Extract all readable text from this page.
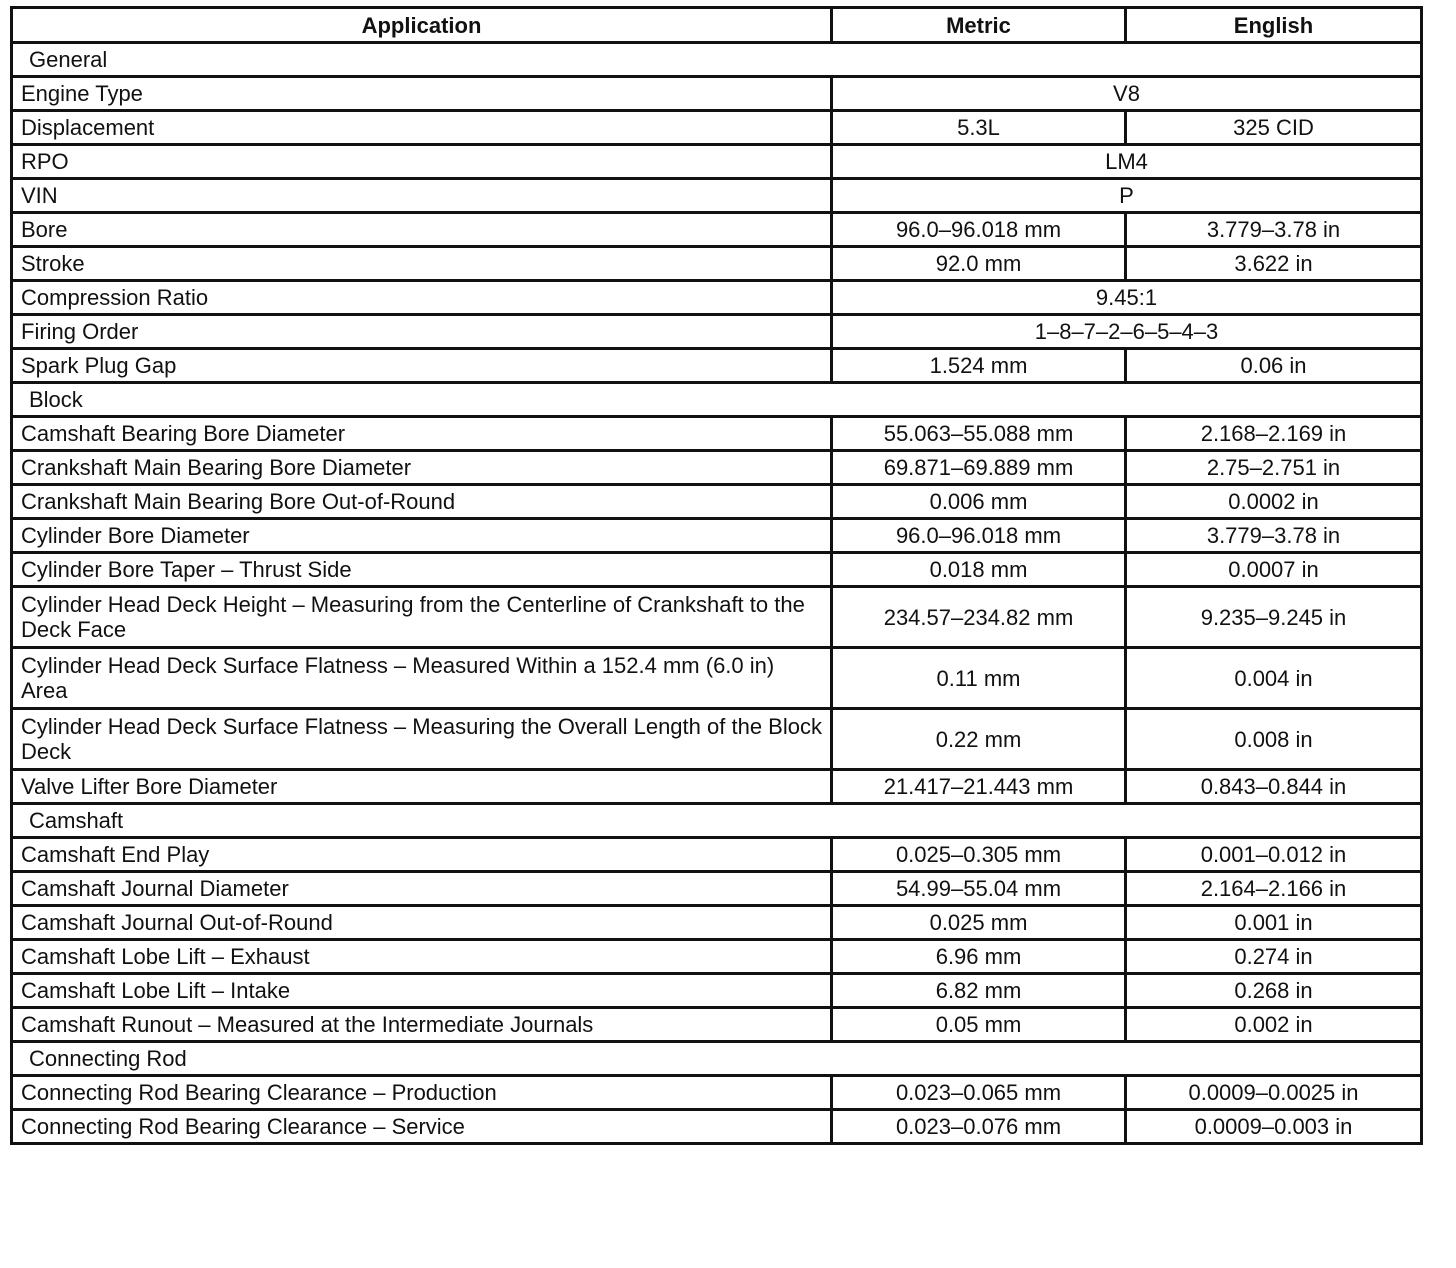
Application	Metric	English
General		
Engine Type	V8	
Displacement	5.3L	325 CID
RPO	LM4	
VIN	P	
Bore	96.0–96.018 mm	3.779–3.78 in
Stroke	92.0 mm	3.622 in
Compression Ratio	9.45:1	
Firing Order	1–8–7–2–6–5–4–3	
Spark Plug Gap	1.524 mm	0.06 in
Block		
Camshaft Bearing Bore Diameter	55.063–55.088 mm	2.168–2.169 in
Crankshaft Main Bearing Bore Diameter	69.871–69.889 mm	2.75–2.751 in
Crankshaft Main Bearing Bore Out-of-Round	0.006 mm	0.0002 in
Cylinder Bore Diameter	96.0–96.018 mm	3.779–3.78 in
Cylinder Bore Taper – Thrust Side	0.018 mm	0.0007 in
Cylinder Head Deck Height – Measuring from the Centerline of Crankshaft to the Deck Face	234.57–234.82 mm	9.235–9.245 in
Cylinder Head Deck Surface Flatness – Measured Within a 152.4 mm (6.0 in) Area	0.11 mm	0.004 in
Cylinder Head Deck Surface Flatness – Measuring the Overall Length of the Block Deck	0.22 mm	0.008 in
Valve Lifter Bore Diameter	21.417–21.443 mm	0.843–0.844 in
Camshaft		
Camshaft End Play	0.025–0.305 mm	0.001–0.012 in
Camshaft Journal Diameter	54.99–55.04 mm	2.164–2.166 in
Camshaft Journal Out-of-Round	0.025 mm	0.001 in
Camshaft Lobe Lift – Exhaust	6.96 mm	0.274 in
Camshaft Lobe Lift – Intake	6.82 mm	0.268 in
Camshaft Runout – Measured at the Intermediate Journals	0.05 mm	0.002 in
Connecting Rod		
Connecting Rod Bearing Clearance – Production	0.023–0.065 mm	0.0009–0.0025 in
Connecting Rod Bearing Clearance – Service	0.023–0.076 mm	0.0009–0.003 in
